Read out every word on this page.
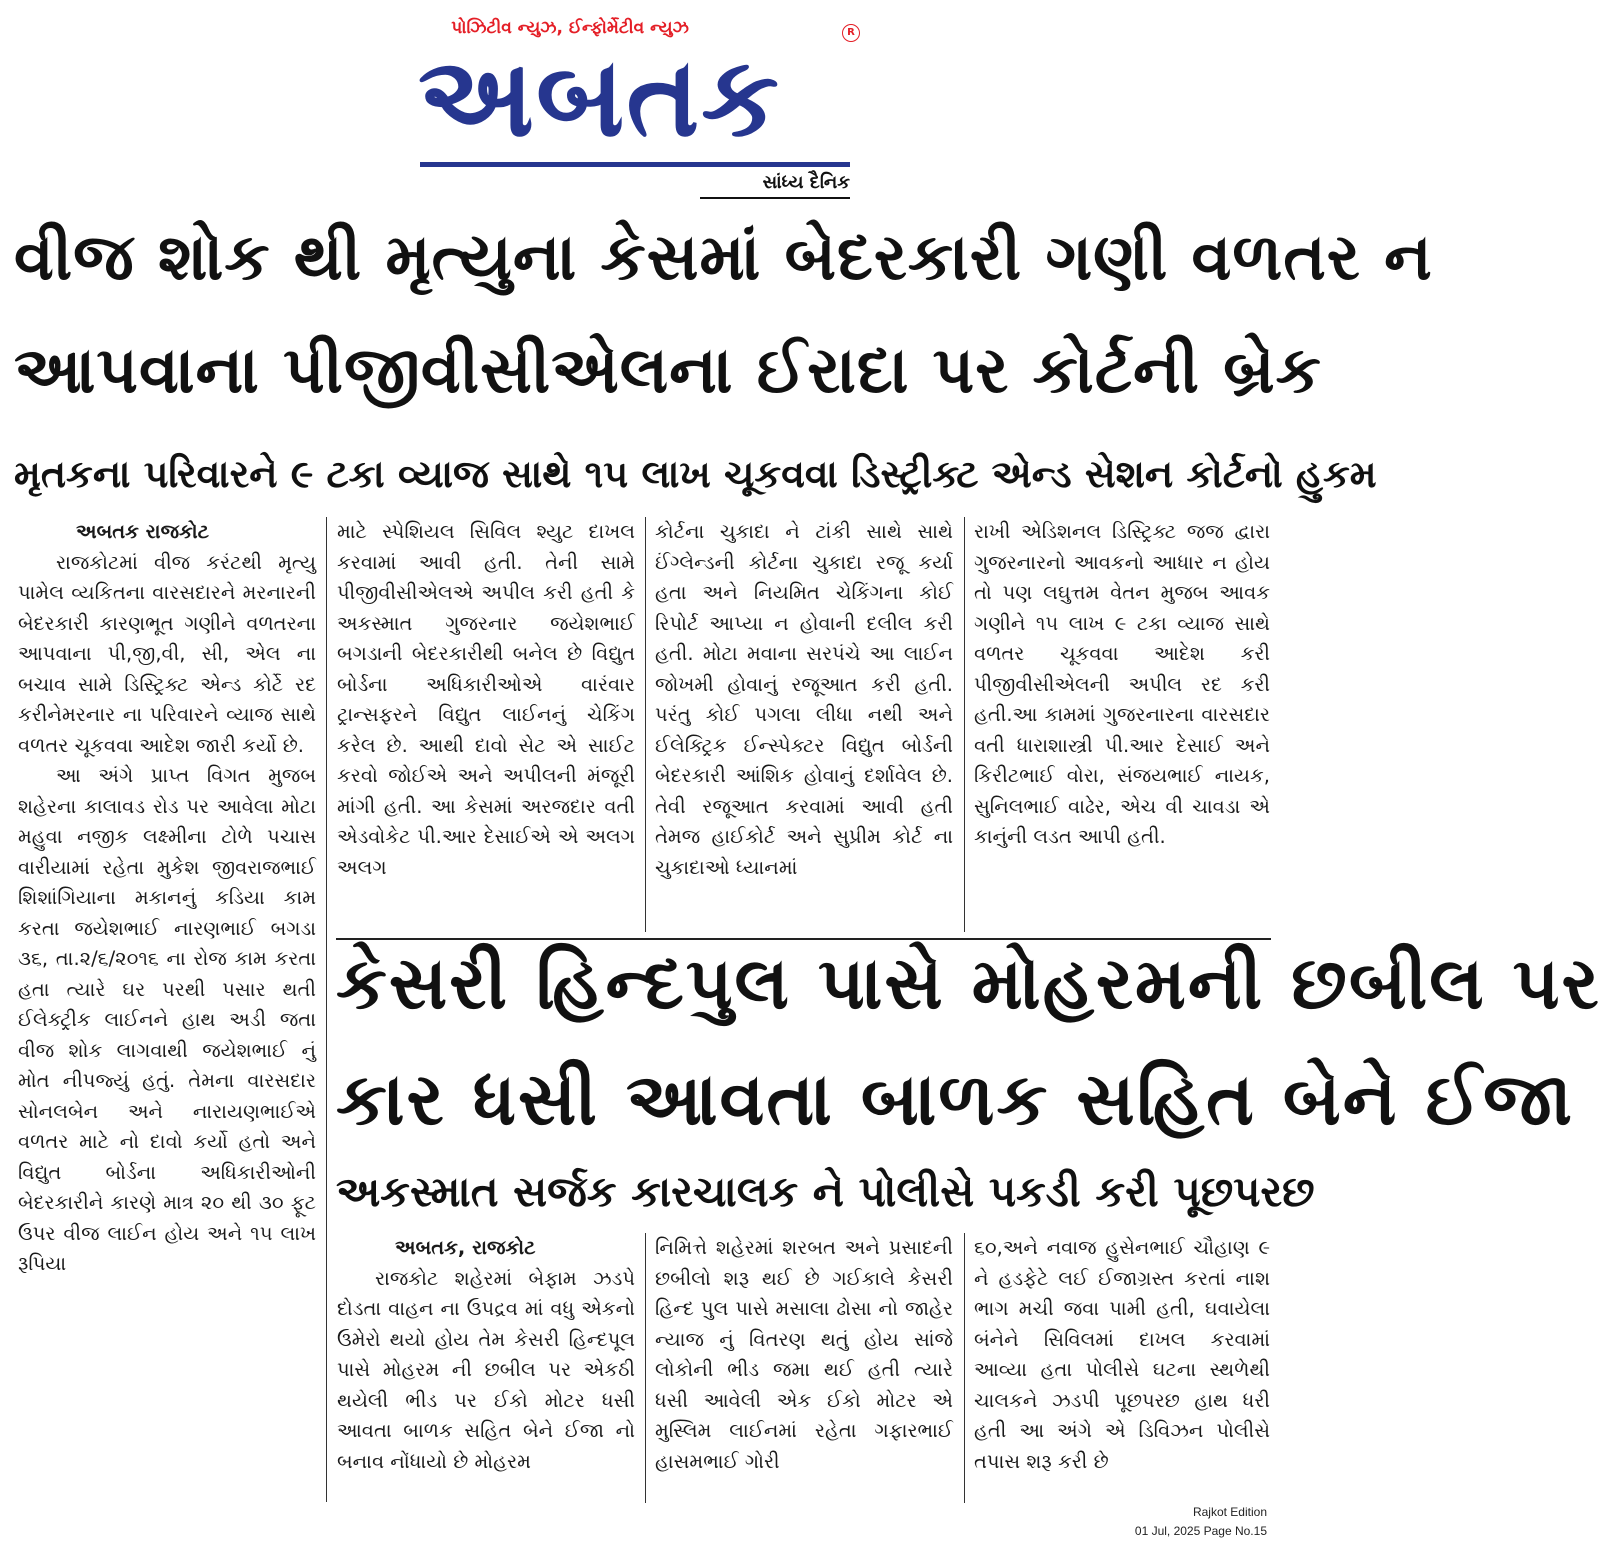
પોઝિટીવ ન્યુઝ, ઈન્ફોર્મેટીવ ન્યુઝ
અબતક
R
સાંધ્ય દૈનિક
વીજ શોક થી મૃત્યુના કેસમાં બેદરકારી ગણી વળતર ન
આપવાના પીજીવીસીએલના ઈરાદા પર કોર્ટની બ્રેક
મૃતકના પરિવારને ૯ ટકા વ્યાજ સાથે ૧૫ લાખ ચૂકવવા ડિસ્ટ્રીક્ટ એન્ડ સેશન કોર્ટનો હુકમ

અબતક રાજકોટ

રાજકોટમાં વીજ કરંટથી મૃત્યુ પામેલ વ્યકિતના વારસદારને મરનારની બેદરકારી કારણભૂત ગણીને વળતરના આપવાના પી,જી,વી, સી, એલ ના બચાવ સામે ડિસ્ટ્રિક્ટ એન્ડ કોર્ટે રદ કરીનેમરનાર ના પરિવારને વ્યાજ સાથે વળતર ચૂકવવા આદેશ જારી કર્યો છે.

આ અંગે પ્રાપ્ત વિગત મુજબ શહેરના કાલાવડ રોડ પર આવેલા મોટા મહુવા નજીક લક્ષ્મીના ટોળે પચાસ વારીયામાં રહેતા મુકેશ જીવરાજભાઈ શિશાંગિયાના મકાનનું કડિયા કામ કરતા જયેશભાઈ નારણભાઈ બગડા ૩૬, તા.૨/૬/૨૦૧૬ ના રોજ કામ કરતા હતા ત્યારે ઘર પરથી પસાર થતી ઈલેક્ટ્રીક લાઈનને હાથ અડી જતા વીજ શોક લાગવાથી જયેશભાઈ નું મોત નીપજ્યું હતું. તેમના વારસદાર સોનલબેન અને નારાયણભાઈએ વળતર માટે નો દાવો કર્યો હતો અને વિદ્યુત બોર્ડના અધિકારીઓની બેદરકારીને કારણે માત્ર ૨૦ થી ૩૦ ફૂટ ઉપર વીજ લાઈન હોય અને ૧૫ લાખ રૂપિયા

માટે સ્પેશિયલ સિવિલ શ્યુટ દાખલ કરવામાં આવી હતી. તેની સામે પીજીવીસીએલએ અપીલ કરી હતી કે અકસ્માત ગુજરનાર જયેશભાઈ બગડાની બેદરકારીથી બનેલ છે વિદ્યુત બોર્ડના અધિકારીઓએ વારંવાર ટ્રાન્સફરને વિદ્યુત લાઈનનું ચેકિંગ કરેલ છે. આથી દાવો સેટ એ સાઈટ કરવો જોઈએ અને અપીલની મંજૂરી માંગી હતી. આ કેસમાં અરજદાર વતી એડવોકેટ પી.આર દેસાઈએ એ અલગ અલગ

કોર્ટના ચુકાદા ને ટાંકી સાથે સાથે ઈંગ્લેન્ડની કોર્ટના ચુકાદા રજૂ કર્યા હતા અને નિયમિત ચેકિંગના કોઈ રિપોર્ટ આપ્યા ન હોવાની દલીલ કરી હતી. મોટા મવાના સરપંચે આ લાઈન જોખમી હોવાનું રજૂઆત કરી હતી. પરંતુ કોઈ પગલા લીધા નથી અને ઈલેક્ટ્રિક ઈન્સ્પેક્ટર વિદ્યુત બોર્ડની બેદરકારી આંશિક હોવાનું દર્શાવેલ છે. તેવી રજૂઆત કરવામાં આવી હતી તેમજ હાઈકોર્ટ અને સુપ્રીમ કોર્ટ ના ચુકાદાઓ ધ્યાનમાં

રાખી એડિશનલ ડિસ્ટ્રિક્ટ જજ દ્વારા ગુજરનારનો આવકનો આધાર ન હોય તો પણ લઘુત્તમ વેતન મુજબ આવક ગણીને ૧૫ લાખ ૯ ટકા વ્યાજ સાથે વળતર ચૂકવવા આદેશ કરી પીજીવીસીએલની અપીલ રદ કરી હતી.આ કામમાં ગુજરનારના વારસદાર વતી ધારાશાસ્ત્રી પી.આર દેસાઈ અને કિરીટભાઈ વોરા, સંજયભાઈ નાયક, સુનિલભાઈ વાઢેર, એચ વી ચાવડા એ કાનુંની લડત આપી હતી.

કેસરી હિન્દપુલ પાસે મોહરમની છબીલ પર
કાર ધસી આવતા બાળક સહિત બેને ઈજા
અકસ્માત સર્જક કારચાલક ને પોલીસે પકડી કરી પૂછપરછ

અબતક, રાજકોટ

રાજકોટ શહેરમાં બેફામ ઝડપે દોડતા વાહન ના ઉપદ્રવ માં વધુ એકનો ઉમેરો થયો હોય તેમ કેસરી હિન્દપૂલ પાસે મોહરમ ની છબીલ પર એકઠી થયેલી ભીડ પર ઈકો મોટર ધસી આવતા બાળક સહિત બેને ઈજા નો બનાવ નોંધાયો છે મોહરમ

નિમિત્તે શહેરમાં શરબત અને પ્રસાદની છબીલો શરૂ થઈ છે ગઈકાલે કેસરી હિન્દ પુલ પાસે મસાલા ઢોસા નો જાહેર ન્યાજ નું વિતરણ થતું હોય સાંજે લોકોની ભીડ જમા થઈ હતી ત્યારે ધસી આવેલી એક ઈકો મોટર એ મુસ્લિમ લાઈનમાં રહેતા ગફારભાઈ હાસમભાઈ ગોરી

૬૦,અને નવાજ હુસેનભાઈ ચૌહાણ ૯ ને હડફેટે લઈ ઈજાગ્રસ્ત કરતાં નાશ ભાગ મચી જવા પામી હતી, ઘવાયેલા બંનેને સિવિલમાં દાખલ કરવામાં આવ્યા હતા પોલીસે ઘટના સ્થળેથી ચાલકને ઝડપી પૂછપરછ હાથ ધરી હતી આ અંગે એ ડિવિઝન પોલીસે તપાસ શરૂ કરી છે

Rajkot Edition
01 Jul, 2025 Page No.15
